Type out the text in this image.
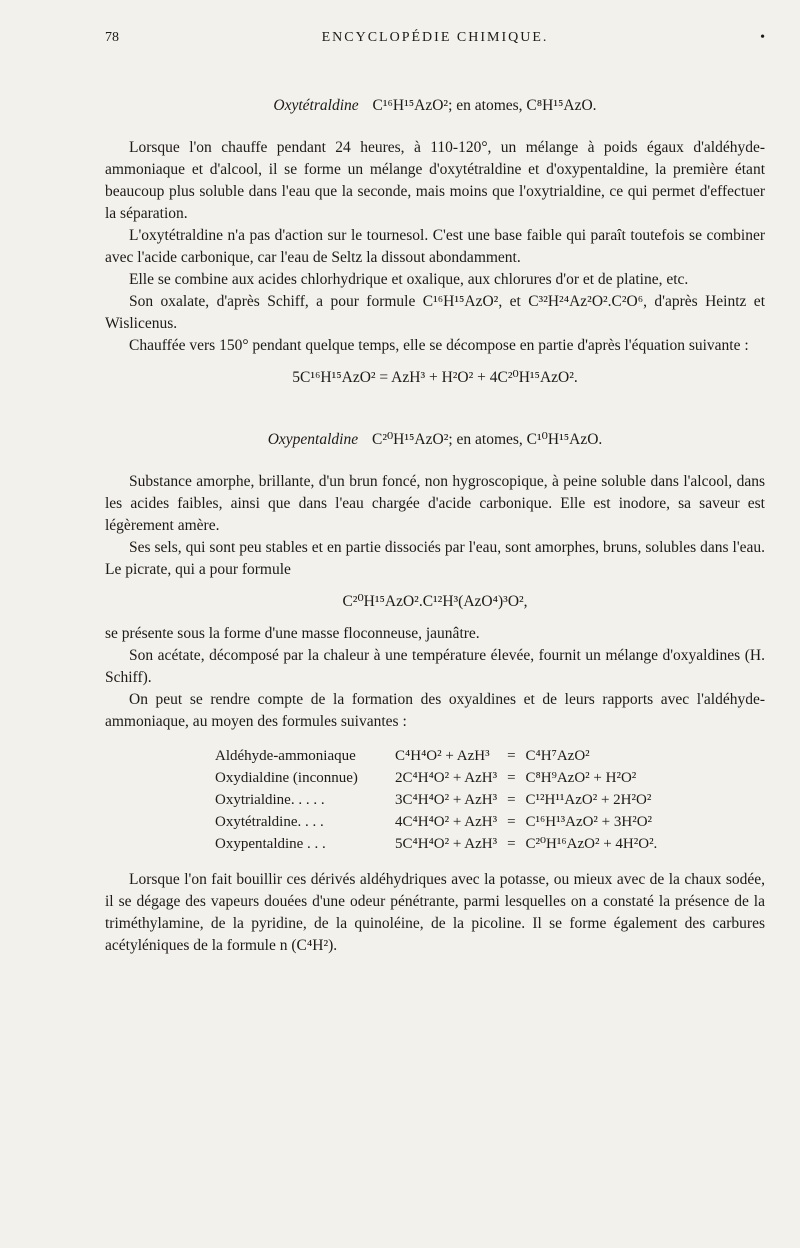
78	ENCYCLOPÉDIE CHIMIQUE.	•

Oxytétraldine C¹⁶H¹⁵AzO²; en atomes, C⁸H¹⁵AzO.

Lorsque l'on chauffe pendant 24 heures, à 110-120°, un mélange à poids égaux d'aldéhyde-ammoniaque et d'alcool, il se forme un mélange d'oxytétraldine et d'oxypentaldine, la première étant beaucoup plus soluble dans l'eau que la seconde, mais moins que l'oxytrialdine, ce qui permet d'effectuer la séparation.

L'oxytétraldine n'a pas d'action sur le tournesol. C'est une base faible qui paraît toutefois se combiner avec l'acide carbonique, car l'eau de Seltz la dissout abondamment.

Elle se combine aux acides chlorhydrique et oxalique, aux chlorures d'or et de platine, etc.

Son oxalate, d'après Schiff, a pour formule C¹⁶H¹⁵AzO², et C³²H²⁴Az²O².C²O⁶, d'après Heintz et Wislicenus.

Chauffée vers 150° pendant quelque temps, elle se décompose en partie d'après l'équation suivante :

5C¹⁶H¹⁵AzO² = AzH³ + H²O² + 4C²⁰H¹⁵AzO².

Oxypentaldine C²⁰H¹⁵AzO²; en atomes, C¹⁰H¹⁵AzO.

Substance amorphe, brillante, d'un brun foncé, non hygroscopique, à peine soluble dans l'alcool, dans les acides faibles, ainsi que dans l'eau chargée d'acide carbonique. Elle est inodore, sa saveur est légèrement amère.

Ses sels, qui sont peu stables et en partie dissociés par l'eau, sont amorphes, bruns, solubles dans l'eau. Le picrate, qui a pour formule

C²⁰H¹⁵AzO².C¹²H³(AzO⁴)³O²,

se présente sous la forme d'une masse floconneuse, jaunâtre.

Son acétate, décomposé par la chaleur à une température élevée, fournit un mélange d'oxyaldines (H. Schiff).

On peut se rendre compte de la formation des oxyaldines et de leurs rapports avec l'aldéhyde-ammoniaque, au moyen des formules suivantes :

Aldéhyde-ammoniaque	C⁴H⁴O² + AzH³	=	C⁴H⁷AzO²
Oxydialdine (inconnue)	2C⁴H⁴O² + AzH³	=	C⁸H⁹AzO² + H²O²
Oxytrialdine. . . . .	3C⁴H⁴O² + AzH³	=	C¹²H¹¹AzO² + 2H²O²
Oxytétraldine. . . .	4C⁴H⁴O² + AzH³	=	C¹⁶H¹³AzO² + 3H²O²
Oxypentaldine . . .	5C⁴H⁴O² + AzH³	=	C²⁰H¹⁶AzO² + 4H²O².

Lorsque l'on fait bouillir ces dérivés aldéhydriques avec la potasse, ou mieux avec de la chaux sodée, il se dégage des vapeurs douées d'une odeur pénétrante, parmi lesquelles on a constaté la présence de la triméthylamine, de la pyridine, de la quinoléine, de la picoline. Il se forme également des carbures acétyléniques de la formule n (C⁴H²).
